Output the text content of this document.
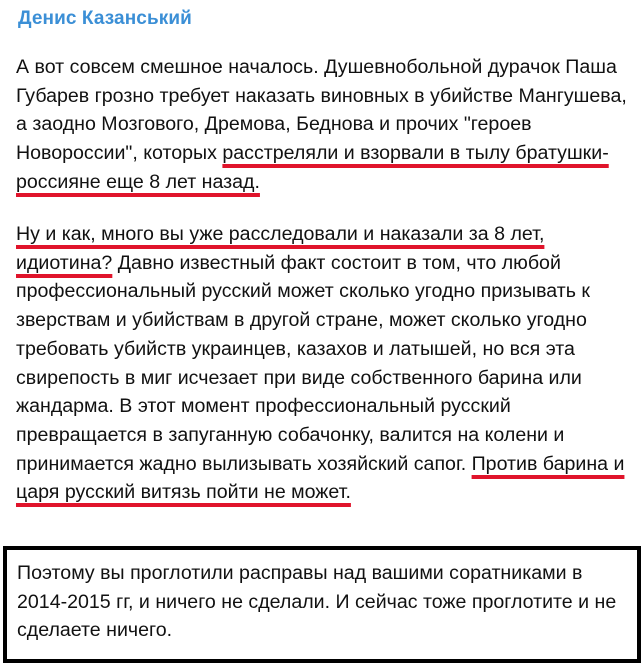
Денис Казанський

А вот совсем смешное началось. Душевнобольной дурачок Паша Губарев грозно требует наказать виновных в убийстве Мангушева, а заодно Мозгового, Дремова, Беднова и прочих "героев Новороссии", которых расстреляли и взорвали в тылу братушки-россияне еще 8 лет назад.

Ну и как, много вы уже расследовали и наказали за 8 лет, идиотина? Давно известный факт состоит в том, что любой профессиональный русский может сколько угодно призывать к зверствам и убийствам в другой стране, может сколько угодно требовать убийств украинцев, казахов и латышей, но вся эта свирепость в миг исчезает при виде собственного барина или жандарма. В этот момент профессиональный русский превращается в запуганную собачонку, валится на колени и принимается жадно вылизывать хозяйский сапог. Против барина и царя русский витязь пойти не может.

Поэтому вы проглотили расправы над вашими соратниками в 2014-2015 гг, и ничего не сделали. И сейчас тоже проглотите и не сделаете ничего.
